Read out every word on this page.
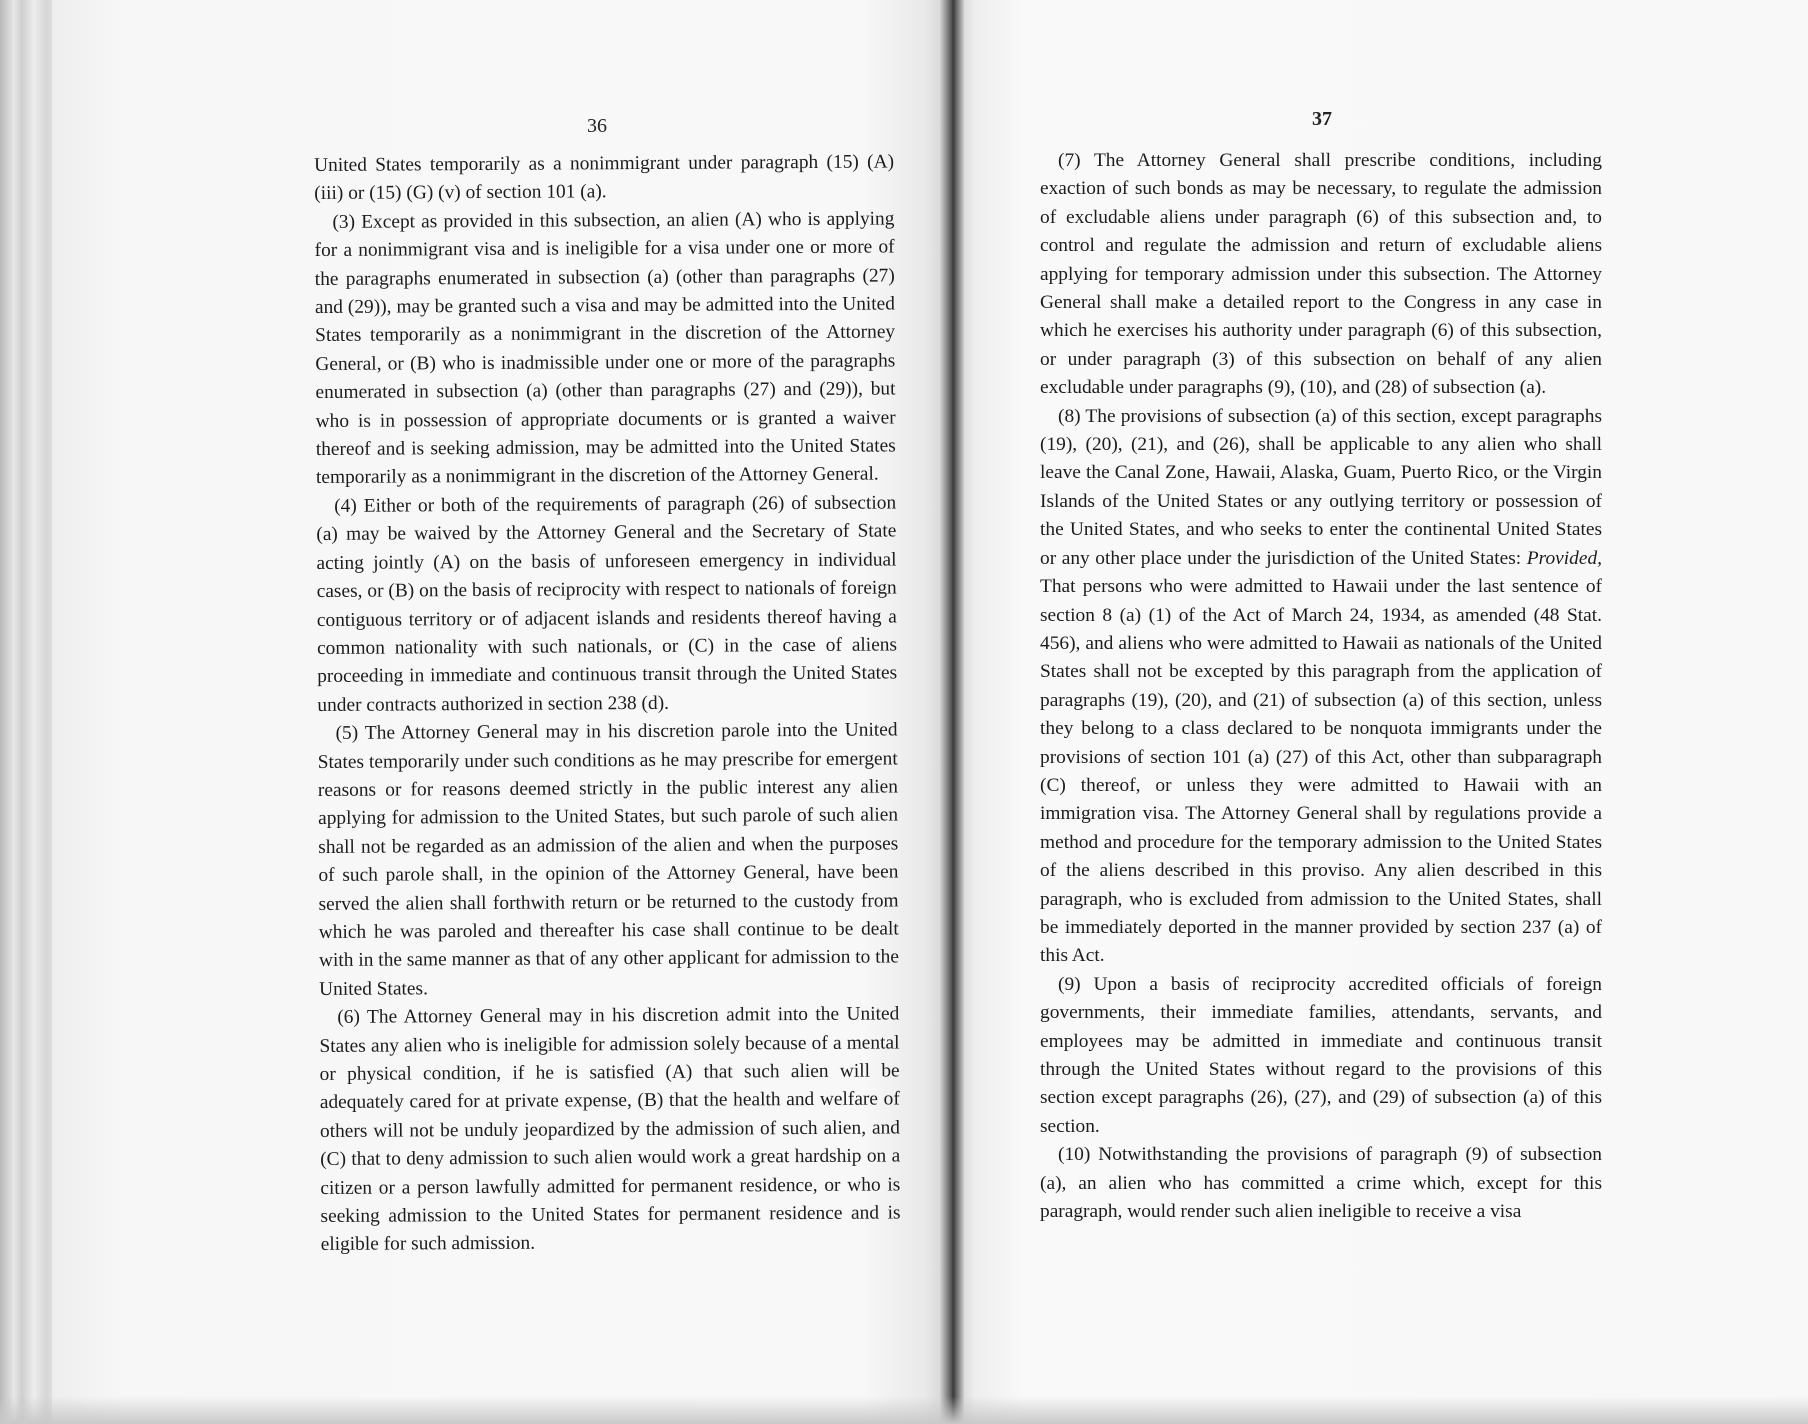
36

United States temporarily as a nonimmigrant under paragraph (15) (A) (iii) or (15) (G) (v) of section 101 (a).

(3) Except as provided in this subsection, an alien (A) who is applying for a nonimmigrant visa and is ineligible for a visa under one or more of the paragraphs enumerated in subsection (a) (other than paragraphs (27) and (29)), may be granted such a visa and may be admitted into the United States temporarily as a nonimmigrant in the discretion of the Attorney General, or (B) who is inadmissible under one or more of the paragraphs enumerated in subsection (a) (other than paragraphs (27) and (29)), but who is in possession of appropriate documents or is granted a waiver thereof and is seeking admission, may be admitted into the United States temporarily as a nonimmigrant in the discretion of the Attorney General.

(4) Either or both of the requirements of paragraph (26) of subsection (a) may be waived by the Attorney General and the Secretary of State acting jointly (A) on the basis of unforeseen emergency in individual cases, or (B) on the basis of reciprocity with respect to nationals of foreign contiguous territory or of adjacent islands and residents thereof having a common nationality with such nationals, or (C) in the case of aliens proceeding in immediate and continuous transit through the United States under contracts authorized in section 238 (d).

(5) The Attorney General may in his discretion parole into the United States temporarily under such conditions as he may prescribe for emergent reasons or for reasons deemed strictly in the public interest any alien applying for admission to the United States, but such parole of such alien shall not be regarded as an admission of the alien and when the purposes of such parole shall, in the opinion of the Attorney General, have been served the alien shall forthwith return or be returned to the custody from which he was paroled and thereafter his case shall continue to be dealt with in the same manner as that of any other applicant for admission to the United States.

(6) The Attorney General may in his discretion admit into the United States any alien who is ineligible for admission solely because of a mental or physical condition, if he is satisfied (A) that such alien will be adequately cared for at private expense, (B) that the health and welfare of others will not be unduly jeopardized by the admission of such alien, and (C) that to deny admission to such alien would work a great hardship on a citizen or a person lawfully admitted for permanent residence, or who is seeking admission to the United States for permanent residence and is eligible for such admission.

37

(7) The Attorney General shall prescribe conditions, including exaction of such bonds as may be necessary, to regulate the admission of excludable aliens under paragraph (6) of this subsection and, to control and regulate the admission and return of excludable aliens applying for temporary admission under this subsection. The Attorney General shall make a detailed report to the Congress in any case in which he exercises his authority under paragraph (6) of this subsection, or under paragraph (3) of this subsection on behalf of any alien excludable under paragraphs (9), (10), and (28) of subsection (a).

(8) The provisions of subsection (a) of this section, except paragraphs (19), (20), (21), and (26), shall be applicable to any alien who shall leave the Canal Zone, Hawaii, Alaska, Guam, Puerto Rico, or the Virgin Islands of the United States or any outlying territory or possession of the United States, and who seeks to enter the continental United States or any other place under the jurisdiction of the United States: Provided, That persons who were admitted to Hawaii under the last sentence of section 8 (a) (1) of the Act of March 24, 1934, as amended (48 Stat. 456), and aliens who were admitted to Hawaii as nationals of the United States shall not be excepted by this paragraph from the application of paragraphs (19), (20), and (21) of subsection (a) of this section, unless they belong to a class declared to be nonquota immigrants under the provisions of section 101 (a) (27) of this Act, other than subparagraph (C) thereof, or unless they were admitted to Hawaii with an immigration visa. The Attorney General shall by regulations provide a method and procedure for the temporary admission to the United States of the aliens described in this proviso. Any alien described in this paragraph, who is excluded from admission to the United States, shall be immediately deported in the manner provided by section 237 (a) of this Act.

(9) Upon a basis of reciprocity accredited officials of foreign governments, their immediate families, attendants, servants, and employees may be admitted in immediate and continuous transit through the United States without regard to the provisions of this section except paragraphs (26), (27), and (29) of subsection (a) of this section.

(10) Notwithstanding the provisions of paragraph (9) of subsection (a), an alien who has committed a crime which, except for this paragraph, would render such alien ineligible to receive a visa
